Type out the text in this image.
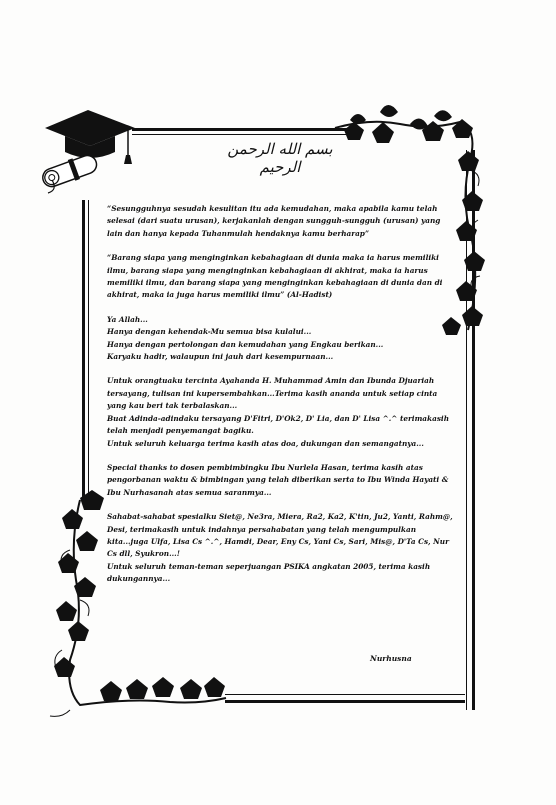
بسم الله الرحمن الرحيم

“Sesungguhnya sesudah kesulitan itu ada kemudahan, maka apabila kamu telah selesai (dari suatu urusan), kerjakanlah dengan sungguh-sungguh (urusan) yang lain dan hanya kepada Tuhanmulah hendaknya kamu berharap”

“Barang siapa yang menginginkan kebahagiaan di dunia maka ia harus memiliki ilmu, barang siapa yang menginginkan kebahagiaan di akhirat, maka ia harus memiliki ilmu, dan barang siapa yang menginginkan kebahagiaan di dunia dan di akhirat, maka ia juga harus memiliki ilmu” (Al-Hadist)

Ya Allah...

Hanya dengan kehendak-Mu semua bisa kulalui...

Hanya dengan pertolongan dan kemudahan yang Engkau berikan...

Karyaku hadir, walaupun ini jauh dari kesempurnaan...

Untuk orangtuaku tercinta Ayahanda H. Muhammad Amin dan Ibunda Djuariah tersayang, tulisan ini kupersembahkan...Terima kasih ananda untuk setiap cinta yang kau beri tak terbalaskan...

Buat Adinda-adindaku tersayang D'Fitri, D'Ok2, D' Lia, dan D' Lisa ^.^ terimakasih telah menjadi penyemangat bagiku.

Untuk seluruh keluarga terima kasih atas doa, dukungan dan semangatnya...

Special thanks to dosen pembimbingku Ibu Nurlela Hasan, terima kasih atas pengorbanan waktu & bimbingan yang telah diberikan serta to Ibu Winda Hayati & Ibu Nurhasanah atas semua saranmya...

Sahabat-sahabat spesialku Siet@, Ne3ra, Miera, Ra2, Ka2, K'tin, Ju2, Yanti, Rahm@, Desi, terimakasih untuk indahnya persahabatan yang telah mengumpulkan kita...juga Ulfa, Lisa Cs ^.^, Hamdi, Dear, Eny Cs, Yani Cs, Sari, Mis@, D'Ta Cs, Nur Cs dll, Syukron...!

Untuk seluruh teman-teman seperjuangan PSIKA angkatan 2005, terima kasih dukungannya...

Nurhusna
